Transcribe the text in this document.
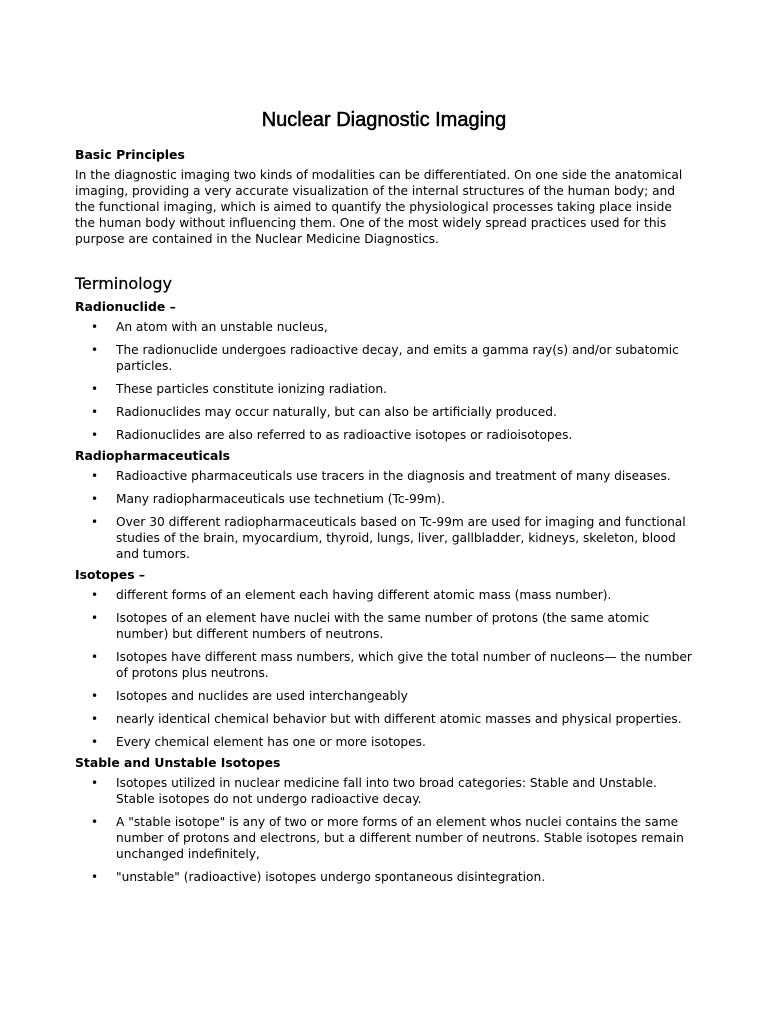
Nuclear Diagnostic Imaging
Basic Principles

In the diagnostic imaging two kinds of modalities can be differentiated. On one side the anatomical imaging, providing a very accurate visualization of the internal structures of the human body; and the functional imaging, which is aimed to quantify the physiological processes taking place inside the human body without influencing them. One of the most widely spread practices used for this purpose are contained in the Nuclear Medicine Diagnostics.

Terminology
Radionuclide –
• An atom with an unstable nucleus,
• The radionuclide undergoes radioactive decay, and emits a gamma ray(s) and/or subatomic particles.
• These particles constitute ionizing radiation.
• Radionuclides may occur naturally, but can also be artificially produced.
• Radionuclides are also referred to as radioactive isotopes or radioisotopes.
Radiopharmaceuticals
• Radioactive pharmaceuticals use tracers in the diagnosis and treatment of many diseases.
• Many radiopharmaceuticals use technetium (Tc-99m).
• Over 30 different radiopharmaceuticals based on Tc-99m are used for imaging and functional studies of the brain, myocardium, thyroid, lungs, liver, gallbladder, kidneys, skeleton, blood and tumors.
Isotopes –
• different forms of an element each having different atomic mass (mass number).
• Isotopes of an element have nuclei with the same number of protons (the same atomic number) but different numbers of neutrons.
• Isotopes have different mass numbers, which give the total number of nucleons— the number of protons plus neutrons.
• Isotopes and nuclides are used interchangeably
• nearly identical chemical behavior but with different atomic masses and physical properties.
• Every chemical element has one or more isotopes.
Stable and Unstable Isotopes
• Isotopes utilized in nuclear medicine fall into two broad categories: Stable and Unstable. Stable isotopes do not undergo radioactive decay.
• A "stable isotope" is any of two or more forms of an element whos nuclei contains the same number of protons and electrons, but a different number of neutrons. Stable isotopes remain unchanged indefinitely,
• "unstable" (radioactive) isotopes undergo spontaneous disintegration.
